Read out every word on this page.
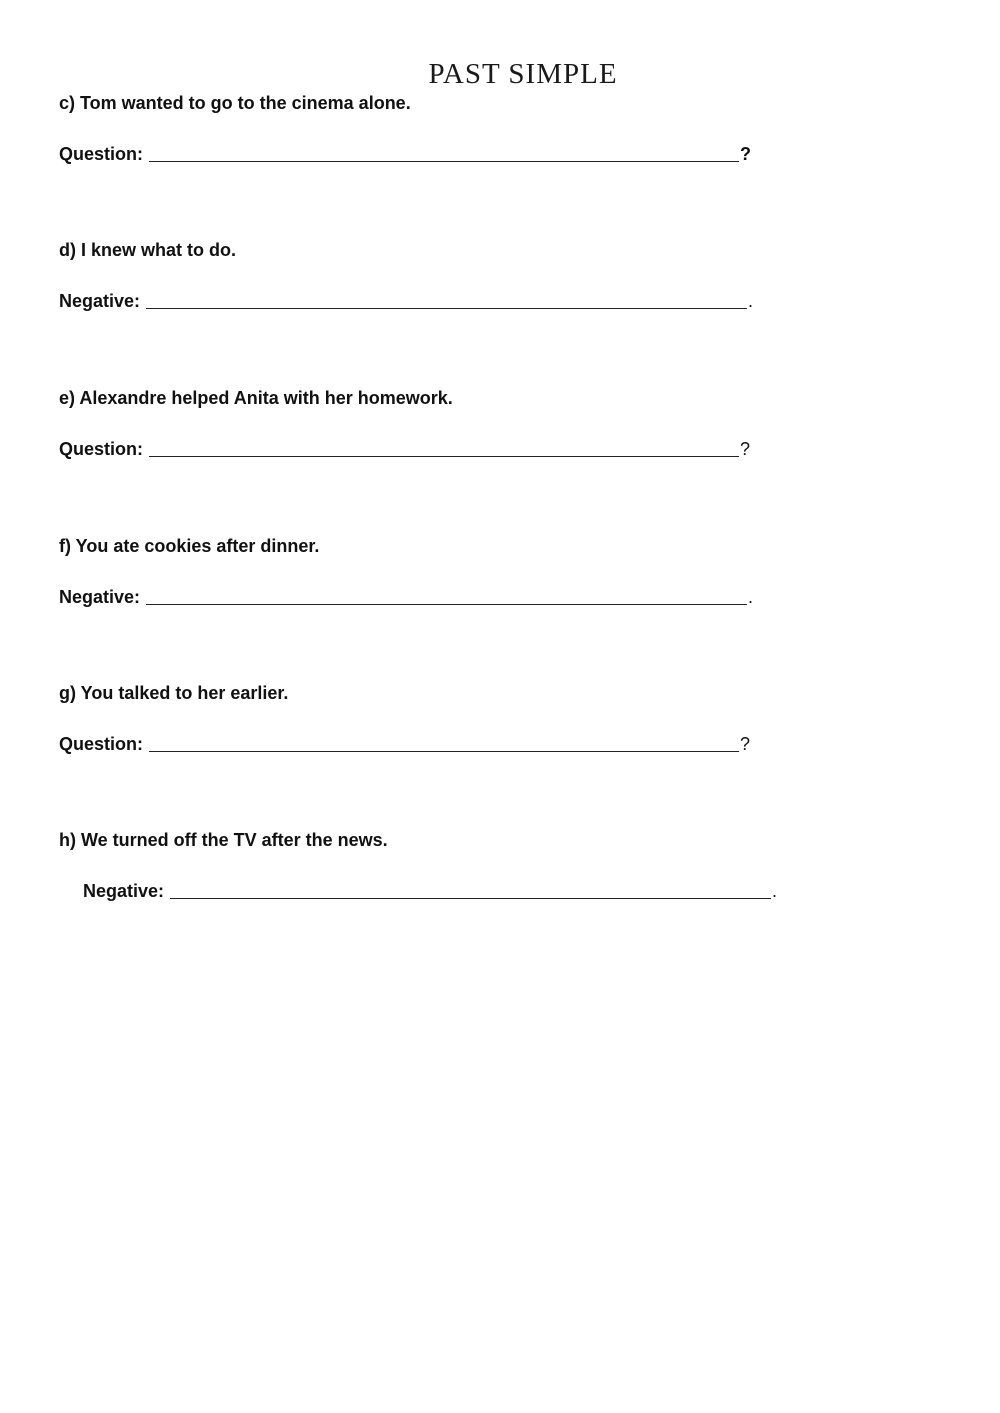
PAST SIMPLE
c) Tom wanted to go to the cinema alone.
Question:	?
d) I knew what to do.
Negative:	.
e) Alexandre helped Anita with her homework.
Question:	?
f) You ate cookies after dinner.
Negative:	.
g) You talked to her earlier.
Question:	?
h) We turned off the TV after the news.
Negative:	.
